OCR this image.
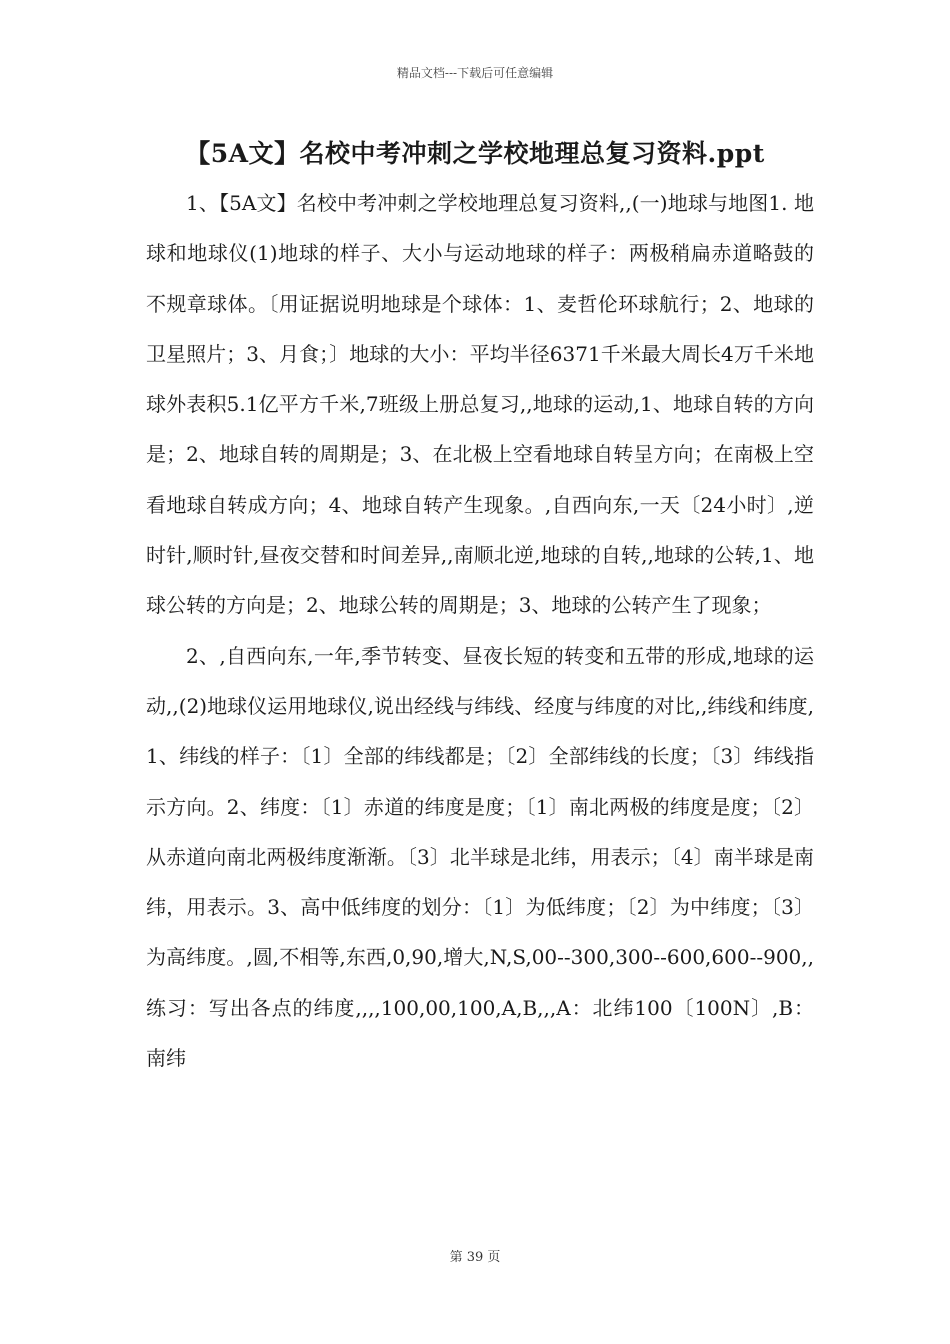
精品文档---下载后可任意编辑
【5A文】名校中考冲刺之学校地理总复习资料.ppt

1、【5A文】名校中考冲刺之学校地理总复习资料,,(一)地球与地图1. 地球和地球仪(1)地球的样子、大小与运动地球的样子：两极稍扁赤道略鼓的不规章球体。〔用证据说明地球是个球体：1、麦哲伦环球航行；2、地球的卫星照片；3、月食；〕地球的大小：平均半径6371千米最大周长4万千米地球外表积5.1亿平方千米,7班级上册总复习,,地球的运动,1、地球自转的方向是；2、地球自转的周期是；3、在北极上空看地球自转呈方向；在南极上空看地球自转成方向；4、地球自转产生现象。,自西向东,一天〔24小时〕,逆时针,顺时针,昼夜交替和时间差异,,南顺北逆,地球的自转,,地球的公转,1、地球公转的方向是；2、地球公转的周期是；3、地球的公转产生了现象；

2、,自西向东,一年,季节转变、昼夜长短的转变和五带的形成,地球的运动,,(2)地球仪运用地球仪,说出经线与纬线、经度与纬度的对比,,纬线和纬度,1、纬线的样子：〔1〕全部的纬线都是；〔2〕全部纬线的长度；〔3〕纬线指示方向。2、纬度：〔1〕赤道的纬度是度；〔1〕南北两极的纬度是度；〔2〕从赤道向南北两极纬度渐渐。〔3〕北半球是北纬，用表示；〔4〕南半球是南纬，用表示。3、高中低纬度的划分：〔1〕为低纬度；〔2〕为中纬度；〔3〕为高纬度。,圆,不相等,东西,0,90,增大,N,S,00--300,300--600,600--900,,练习：写出各点的纬度,,,,100,00,100,A,B,,,A：北纬100〔100N〕,B：南纬

第 39 页
